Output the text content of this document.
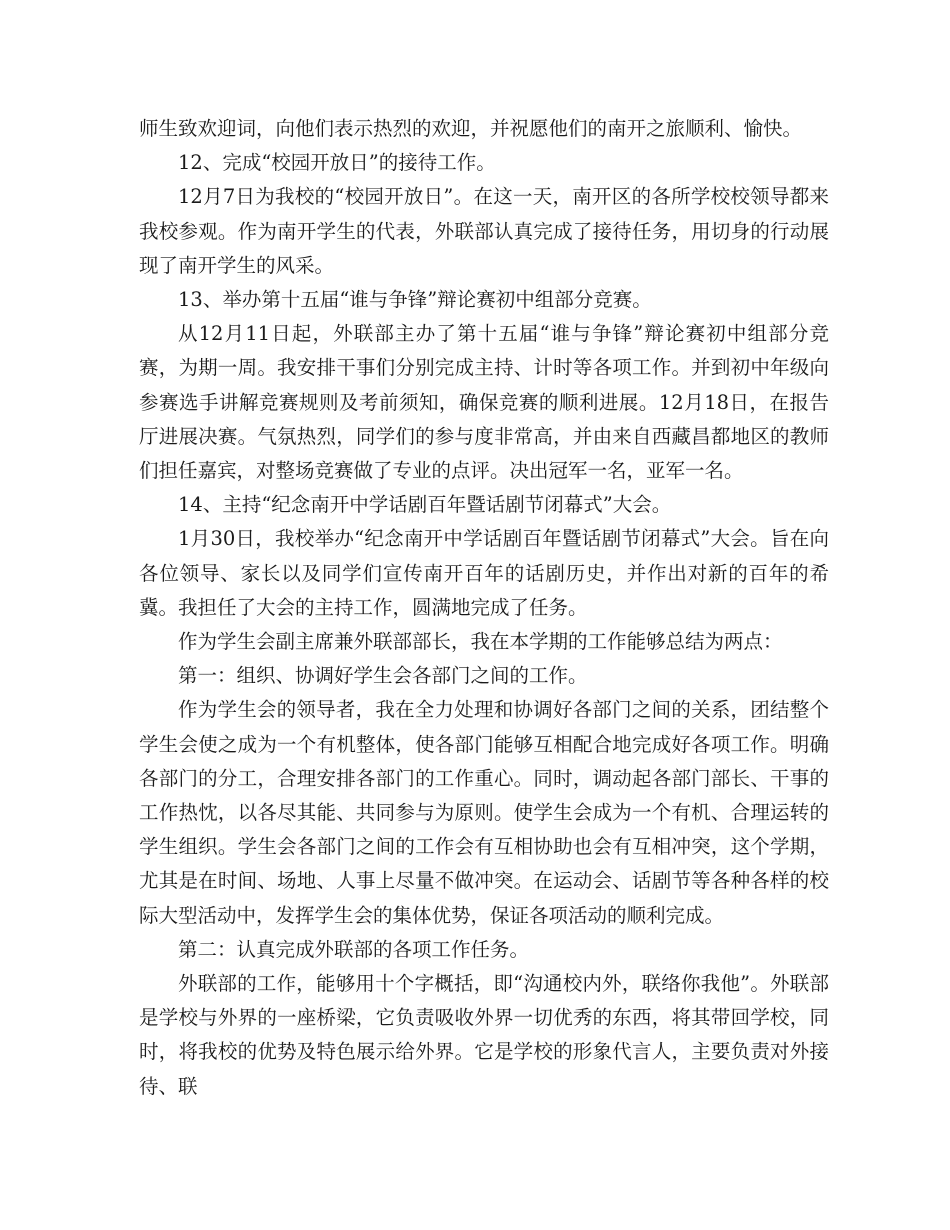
师生致欢迎词，向他们表示热烈的欢迎，并祝愿他们的南开之旅顺利、愉快。

12、完成“校园开放日”的接待工作。

12月7日为我校的“校园开放日”。在这一天，南开区的各所学校校领导都来我校参观。作为南开学生的代表，外联部认真完成了接待任务，用切身的行动展现了南开学生的风采。

13、举办第十五届“谁与争锋”辩论赛初中组部分竞赛。

从12月11日起，外联部主办了第十五届“谁与争锋”辩论赛初中组部分竞赛，为期一周。我安排干事们分别完成主持、计时等各项工作。并到初中年级向参赛选手讲解竞赛规则及考前须知，确保竞赛的顺利进展。12月18日，在报告厅进展决赛。气氛热烈，同学们的参与度非常高，并由来自西藏昌都地区的教师们担任嘉宾，对整场竞赛做了专业的点评。决出冠军一名，亚军一名。

14、主持“纪念南开中学话剧百年暨话剧节闭幕式”大会。

1月30日，我校举办“纪念南开中学话剧百年暨话剧节闭幕式”大会。旨在向各位领导、家长以及同学们宣传南开百年的话剧历史，并作出对新的百年的希冀。我担任了大会的主持工作，圆满地完成了任务。

作为学生会副主席兼外联部部长，我在本学期的工作能够总结为两点：

第一：组织、协调好学生会各部门之间的工作。

作为学生会的领导者，我在全力处理和协调好各部门之间的关系，团结整个学生会使之成为一个有机整体，使各部门能够互相配合地完成好各项工作。明确各部门的分工，合理安排各部门的工作重心。同时，调动起各部门部长、干事的工作热忱，以各尽其能、共同参与为原则。使学生会成为一个有机、合理运转的学生组织。学生会各部门之间的工作会有互相协助也会有互相冲突，这个学期，尤其是在时间、场地、人事上尽量不做冲突。在运动会、话剧节等各种各样的校际大型活动中，发挥学生会的集体优势，保证各项活动的顺利完成。

第二：认真完成外联部的各项工作任务。

外联部的工作，能够用十个字概括，即“沟通校内外，联络你我他”。外联部是学校与外界的一座桥梁，它负责吸收外界一切优秀的东西，将其带回学校，同时，将我校的优势及特色展示给外界。它是学校的形象代言人，主要负责对外接待、联
